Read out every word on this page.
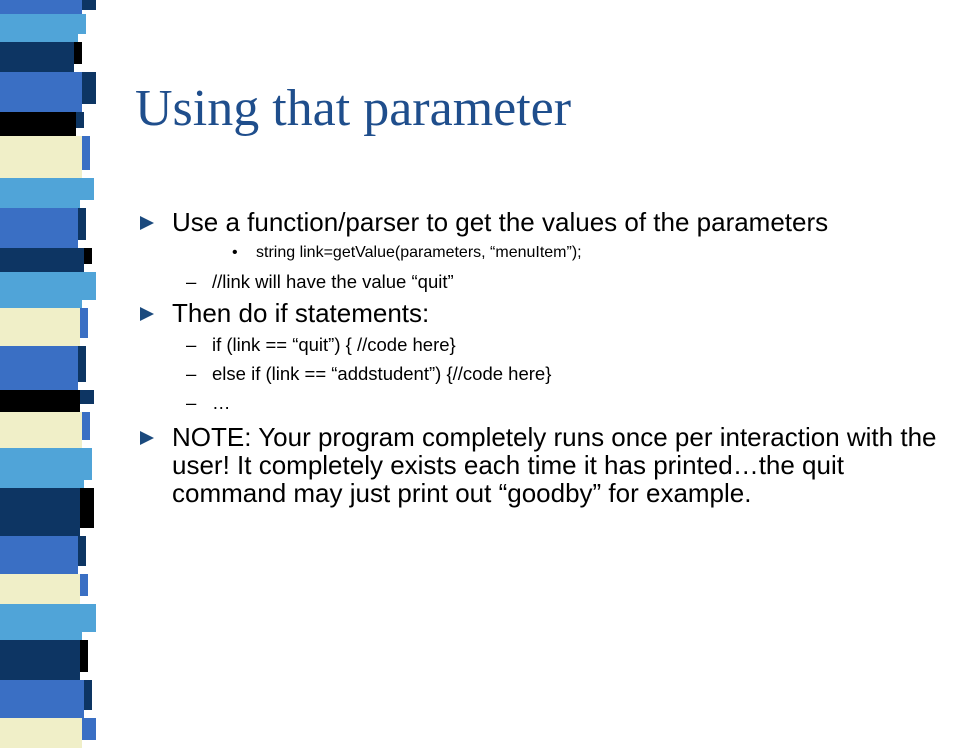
Using that parameter
Use a function/parser to get the values of the parameters
• string link=getValue(parameters, “menuItem”);
– //link will have the value “quit”
Then do if statements:
– if (link == “quit”) { //code here}
– else if (link == “addstudent”) {//code here}
– …
NOTE: Your program completely runs once per interaction with the user! It completely exists each time it has printed…the quit command may just print out “goodby” for example.
